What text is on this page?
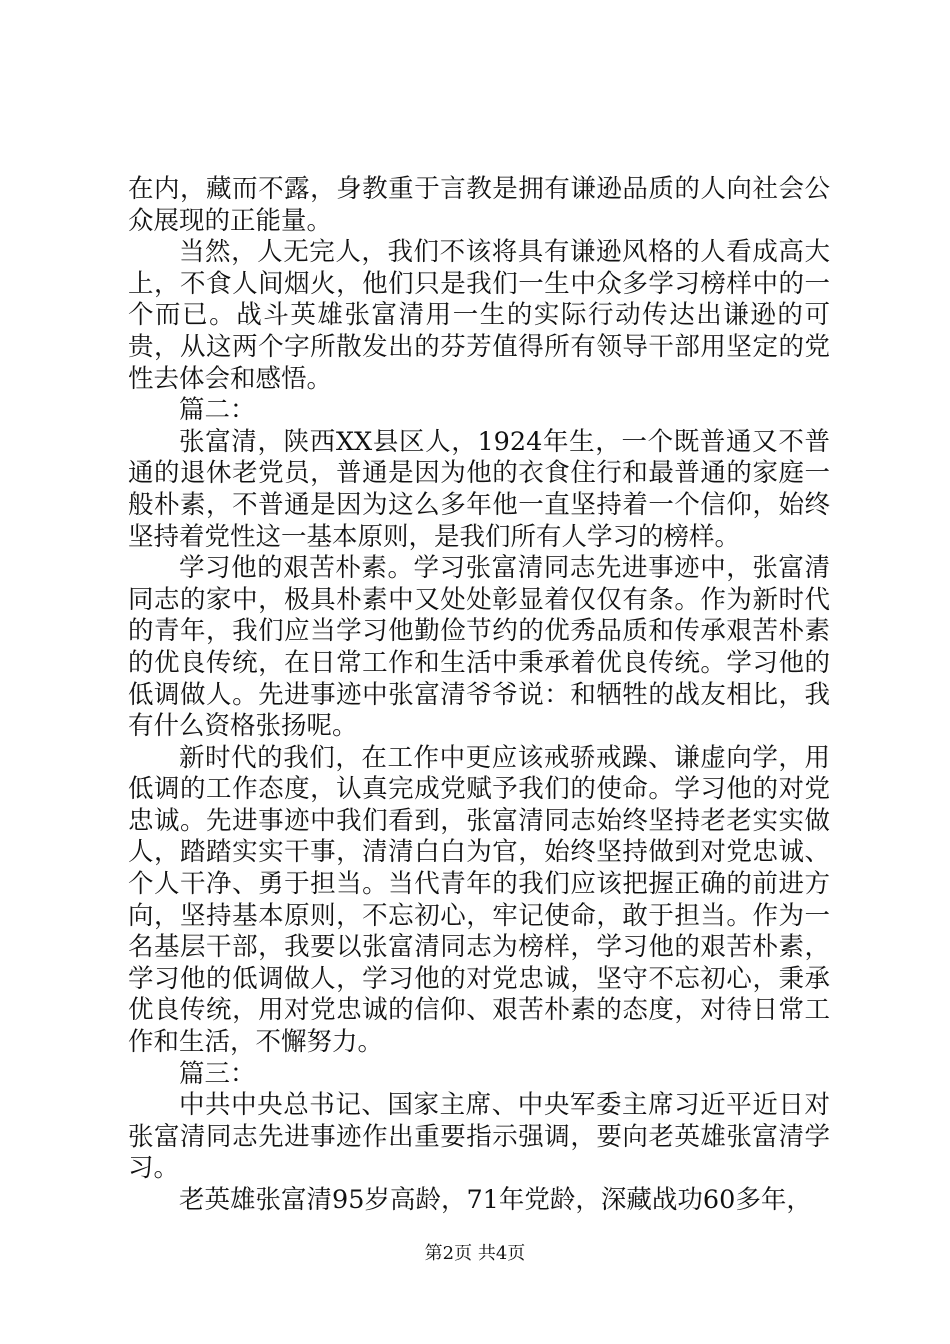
在内，藏而不露，身教重于言教是拥有谦逊品质的人向社会公众展现的正能量。

当然，人无完人，我们不该将具有谦逊风格的人看成高大上，不食人间烟火，他们只是我们一生中众多学习榜样中的一个而已。战斗英雄张富清用一生的实际行动传达出谦逊的可贵，从这两个字所散发出的芬芳值得所有领导干部用坚定的党性去体会和感悟。

篇二：

张富清，陕西XX县区人，1924年生，一个既普通又不普通的退休老党员，普通是因为他的衣食住行和最普通的家庭一般朴素，不普通是因为这么多年他一直坚持着一个信仰，始终坚持着党性这一基本原则，是我们所有人学习的榜样。

学习他的艰苦朴素。学习张富清同志先进事迹中，张富清同志的家中，极具朴素中又处处彰显着仅仅有条。作为新时代的青年，我们应当学习他勤俭节约的优秀品质和传承艰苦朴素的优良传统，在日常工作和生活中秉承着优良传统。学习他的低调做人。先进事迹中张富清爷爷说：和牺牲的战友相比，我有什么资格张扬呢。

新时代的我们，在工作中更应该戒骄戒躁、谦虚向学，用低调的工作态度，认真完成党赋予我们的使命。学习他的对党忠诚。先进事迹中我们看到，张富清同志始终坚持老老实实做人，踏踏实实干事，清清白白为官，始终坚持做到对党忠诚、个人干净、勇于担当。当代青年的我们应该把握正确的前进方向，坚持基本原则，不忘初心，牢记使命，敢于担当。作为一名基层干部，我要以张富清同志为榜样，学习他的艰苦朴素，学习他的低调做人，学习他的对党忠诚，坚守不忘初心，秉承优良传统，用对党忠诚的信仰、艰苦朴素的态度，对待日常工作和生活，不懈努力。

篇三：

中共中央总书记、国家主席、中央军委主席习近平近日对张富清同志先进事迹作出重要指示强调，要向老英雄张富清学习。

老英雄张富清95岁高龄，71年党龄，深藏战功60多年，

第2页 共4页
